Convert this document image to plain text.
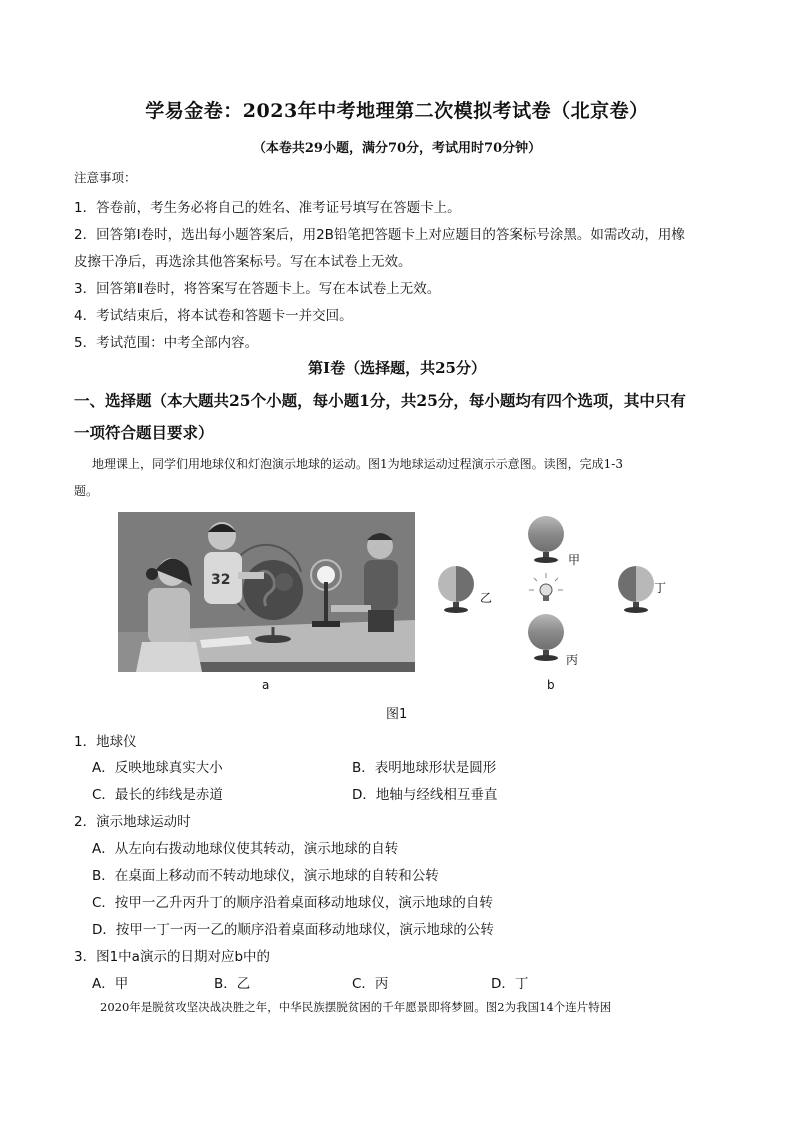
学易金卷：2023年中考地理第二次模拟考试卷（北京卷）
（本卷共29小题，满分70分，考试用时70分钟）
注意事项：
1．答卷前，考生务必将自己的姓名、准考证号填写在答题卡上。
2．回答第Ⅰ卷时，选出每小题答案后，用2B铅笔把答题卡上对应题目的答案标号涂黑。如需改动，用橡
皮擦干净后，再选涂其他答案标号。写在本试卷上无效。
3．回答第Ⅱ卷时，将答案写在答题卡上。写在本试卷上无效。
4．考试结束后，将本试卷和答题卡一并交回。
5．考试范围：中考全部内容。
第Ⅰ卷（选择题，共25分）
一、选择题（本大题共25个小题，每小题1分，共25分，每小题均有四个选项，其中只有
一项符合题目要求）
地理课上，同学们用地球仪和灯泡演示地球的运动。图1为地球运动过程演示示意图。读图，完成1-3
题。
32
a
甲
乙
丁
丙
b
图1
1．地球仪
A．反映地球真实大小	B．表明地球形状是圆形
C．最长的纬线是赤道	D．地轴与经线相互垂直
2．演示地球运动时
A．从左向右拨动地球仪使其转动，演示地球的自转
B．在桌面上移动而不转动地球仪，演示地球的自转和公转
C．按甲一乙升丙升丁的顺序沿着桌面移动地球仪，演示地球的自转
D．按甲一丁一丙一乙的顺序沿着桌面移动地球仪，演示地球的公转
3．图1中a演示的日期对应b中的
A．甲	B．乙	C．丙	D．丁
2020年是脱贫攻坚决战决胜之年，中华民族摆脱贫困的千年愿景即将梦圆。图2为我国14个连片特困
